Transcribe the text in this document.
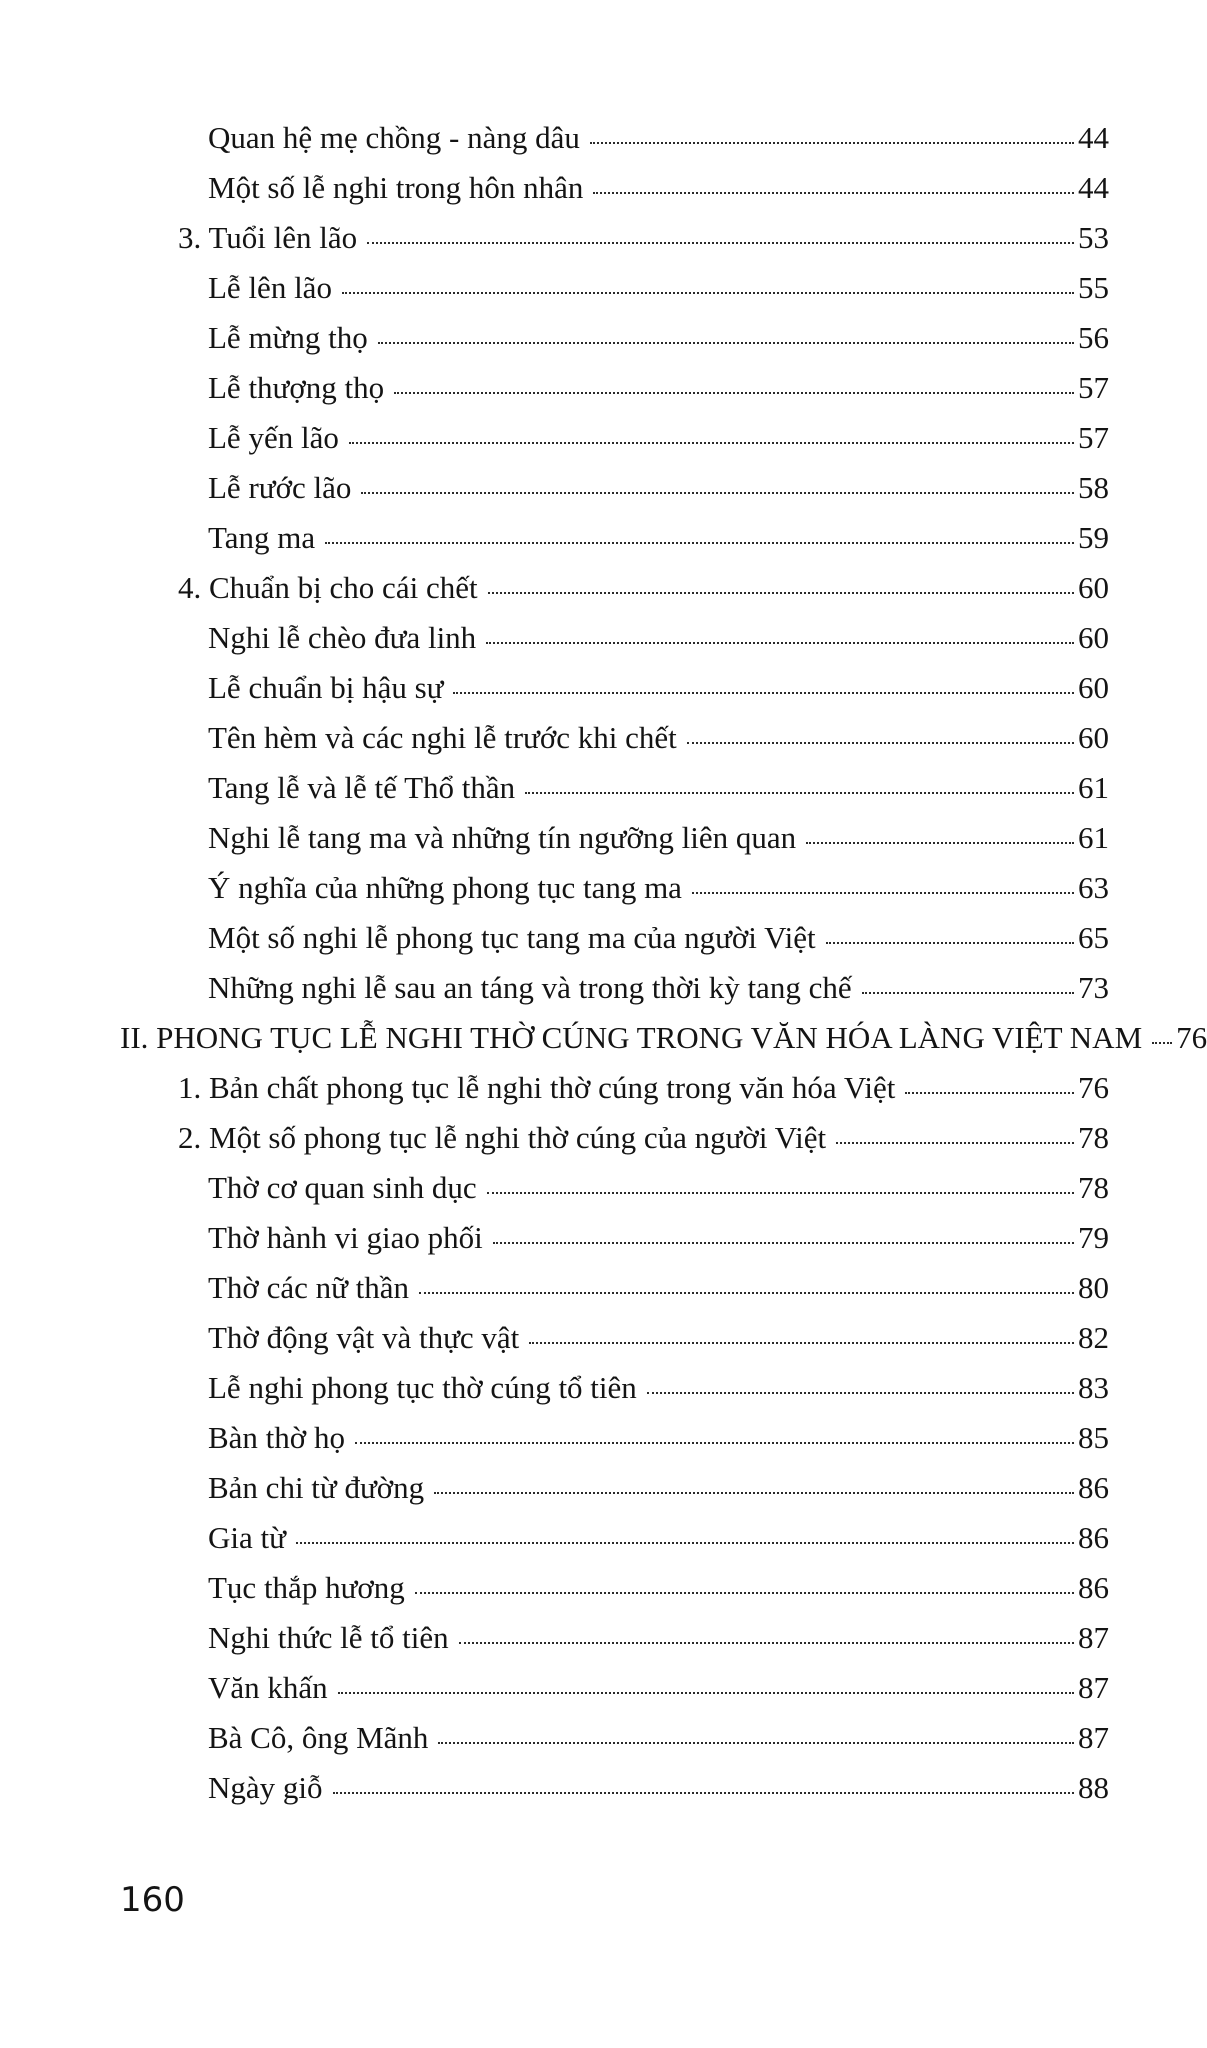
Quan hệ mẹ chồng - nàng dâu	44
Một số lễ nghi trong hôn nhân	44
3. Tuổi lên lão	53
Lễ lên lão	55
Lễ mừng thọ	56
Lễ thượng thọ	57
Lễ yến lão	57
Lễ rước lão	58
Tang ma	59
4. Chuẩn bị cho cái chết	60
Nghi lễ chèo đưa linh	60
Lễ chuẩn bị hậu sự	60
Tên hèm và các nghi lễ trước khi chết	60
Tang lễ và lễ tế Thổ thần	61
Nghi lễ tang ma và những tín ngưỡng liên quan	61
Ý nghĩa của những phong tục tang ma	63
Một số nghi lễ phong tục tang ma của người Việt	65
Những nghi lễ sau an táng và trong thời kỳ tang chế	73
II. PHONG TỤC LỄ NGHI THỜ CÚNG TRONG VĂN HÓA LÀNG VIỆT NAM	76
1. Bản chất phong tục lễ nghi thờ cúng trong văn hóa Việt	76
2. Một số phong tục lễ nghi thờ cúng của người Việt	78
Thờ cơ quan sinh dục	78
Thờ hành vi giao phối	79
Thờ các nữ thần	80
Thờ động vật và thực vật	82
Lễ nghi phong tục thờ cúng tổ tiên	83
Bàn thờ họ	85
Bản chi từ đường	86
Gia từ	86
Tục thắp hương	86
Nghi thức lễ tổ tiên	87
Văn khấn	87
Bà Cô, ông Mãnh	87
Ngày giỗ	88
160
